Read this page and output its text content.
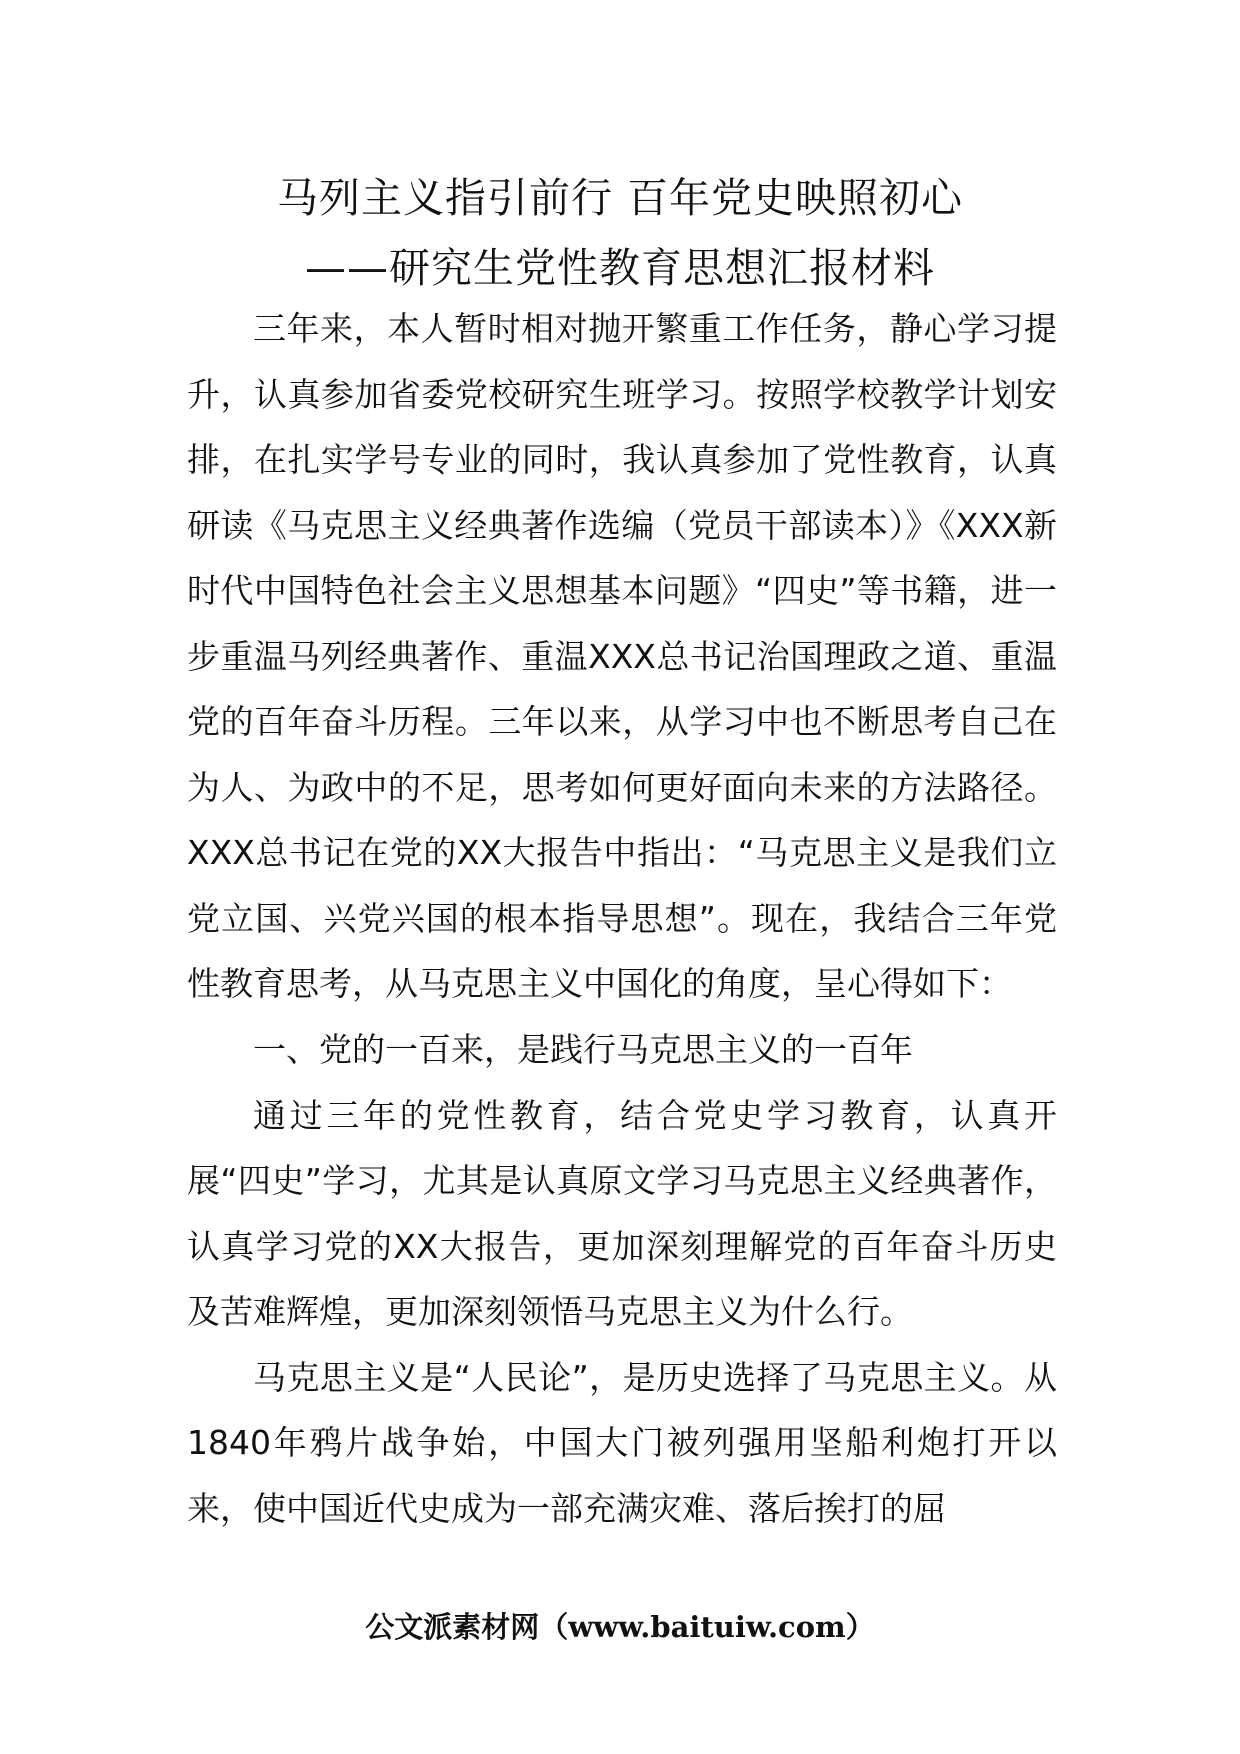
马列主义指引前行 百年党史映照初心
——研究生党性教育思想汇报材料

三年来，本人暂时相对抛开繁重工作任务，静心学习提升，认真参加省委党校研究生班学习。按照学校教学计划安排，在扎实学号专业的同时，我认真参加了党性教育，认真研读《马克思主义经典著作选编（党员干部读本）》《XXX新时代中国特色社会主义思想基本问题》“四史”等书籍，进一步重温马列经典著作、重温XXX总书记治国理政之道、重温党的百年奋斗历程。三年以来，从学习中也不断思考自己在为人、为政中的不足，思考如何更好面向未来的方法路径。XXX总书记在党的XX大报告中指出：“马克思主义是我们立党立国、兴党兴国的根本指导思想”。现在，我结合三年党性教育思考，从马克思主义中国化的角度，呈心得如下：

一、党的一百来，是践行马克思主义的一百年

通过三年的党性教育，结合党史学习教育，认真开展“四史”学习，尤其是认真原文学习马克思主义经典著作，认真学习党的XX大报告，更加深刻理解党的百年奋斗历史及苦难辉煌，更加深刻领悟马克思主义为什么行。

马克思主义是“人民论”，是历史选择了马克思主义。从1840年鸦片战争始，中国大门被列强用坚船利炮打开以来，使中国近代史成为一部充满灾难、落后挨打的屈

公文派素材网（www.baituiw.com）
